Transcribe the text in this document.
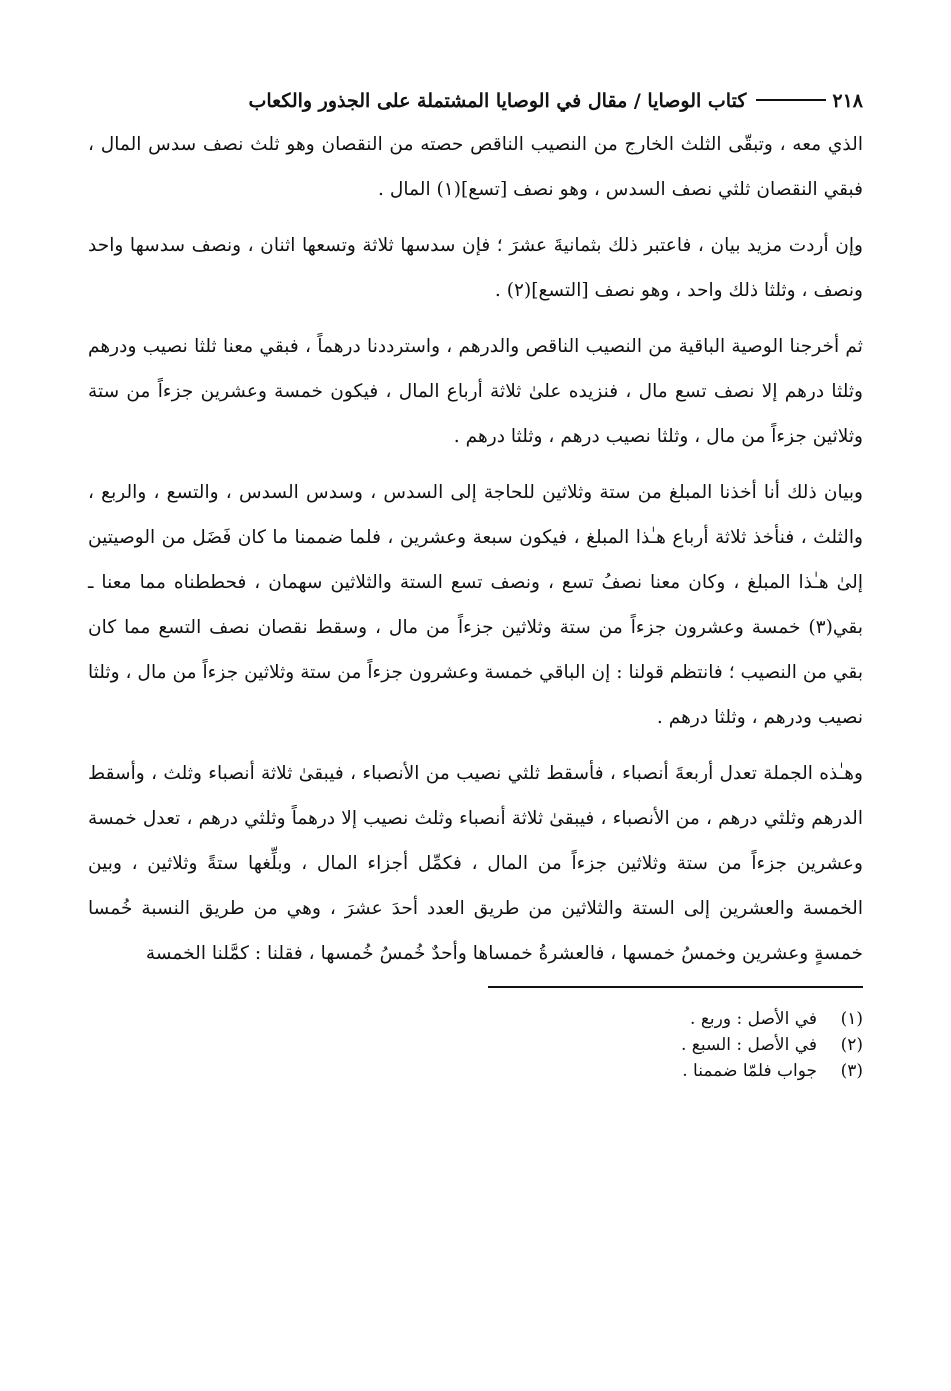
٢١٨
كتاب الوصايا / مقال في الوصايا المشتملة على الجذور والكعاب

الذي معه ، وتبقّى الثلث الخارج من النصيب الناقص حصته من النقصان وهو ثلث نصف سدس المال ، فبقي النقصان ثلثي نصف السدس ، وهو نصف [تسع](١) المال .

وإن أردت مزيد بيان ، فاعتبر ذلك بثمانيةَ عشرَ ؛ فإن سدسها ثلاثة وتسعها اثنان ، ونصف سدسها واحد ونصف ، وثلثا ذلك واحد ، وهو نصف [التسع](٢) .

ثم أخرجنا الوصية الباقية من النصيب الناقص والدرهم ، واسترددنا درهماً ، فبقي معنا ثلثا نصيب ودرهم وثلثا درهم إلا نصف تسع مال ، فنزيده علىٰ ثلاثة أرباع المال ، فيكون خمسة وعشرين جزءاً من ستة وثلاثين جزءاً من مال ، وثلثا نصيب درهم ، وثلثا درهم .

وبيان ذلك أنا أخذنا المبلغ من ستة وثلاثين للحاجة إلى السدس ، وسدس السدس ، والتسع ، والربع ، والثلث ، فنأخذ ثلاثة أرباع هـٰذا المبلغ ، فيكون سبعة وعشرين ، فلما ضممنا ما كان فَضَل من الوصيتين إلىٰ هـٰذا المبلغ ، وكان معنا نصفُ تسع ، ونصف تسع الستة والثلاثين سهمان ، فحططناه مما معنا ـ بقي(٣) خمسة وعشرون جزءاً من ستة وثلاثين جزءاً من مال ، وسقط نقصان نصف التسع مما كان بقي من النصيب ؛ فانتظم قولنا : إن الباقي خمسة وعشرون جزءاً من ستة وثلاثين جزءاً من مال ، وثلثا نصيب ودرهم ، وثلثا درهم .

وهـٰذه الجملة تعدل أربعةَ أنصباء ، فأسقط ثلثي نصيب من الأنصباء ، فيبقىٰ ثلاثة أنصباء وثلث ، وأسقط الدرهم وثلثي درهم ، من الأنصباء ، فيبقىٰ ثلاثة أنصباء وثلث نصيب إلا درهماً وثلثي درهم ، تعدل خمسة وعشرين جزءاً من ستة وثلاثين جزءاً من المال ، فكمِّل أجزاء المال ، وبلِّغها ستةً وثلاثين ، وبين الخمسة والعشرين إلى الستة والثلاثين من طريق العدد أحدَ عشرَ ، وهي من طريق النسبة خُمسا خمسةٍ وعشرين وخمسُ خمسها ، فالعشرةُ خمساها وأحدٌ خُمسُ خُمسها ، فقلنا : كمَّلنا الخمسة

(١)
في الأصل : وربع .
(٢)
في الأصل : السبع .
(٣)
جواب فلمّا ضممنا .
